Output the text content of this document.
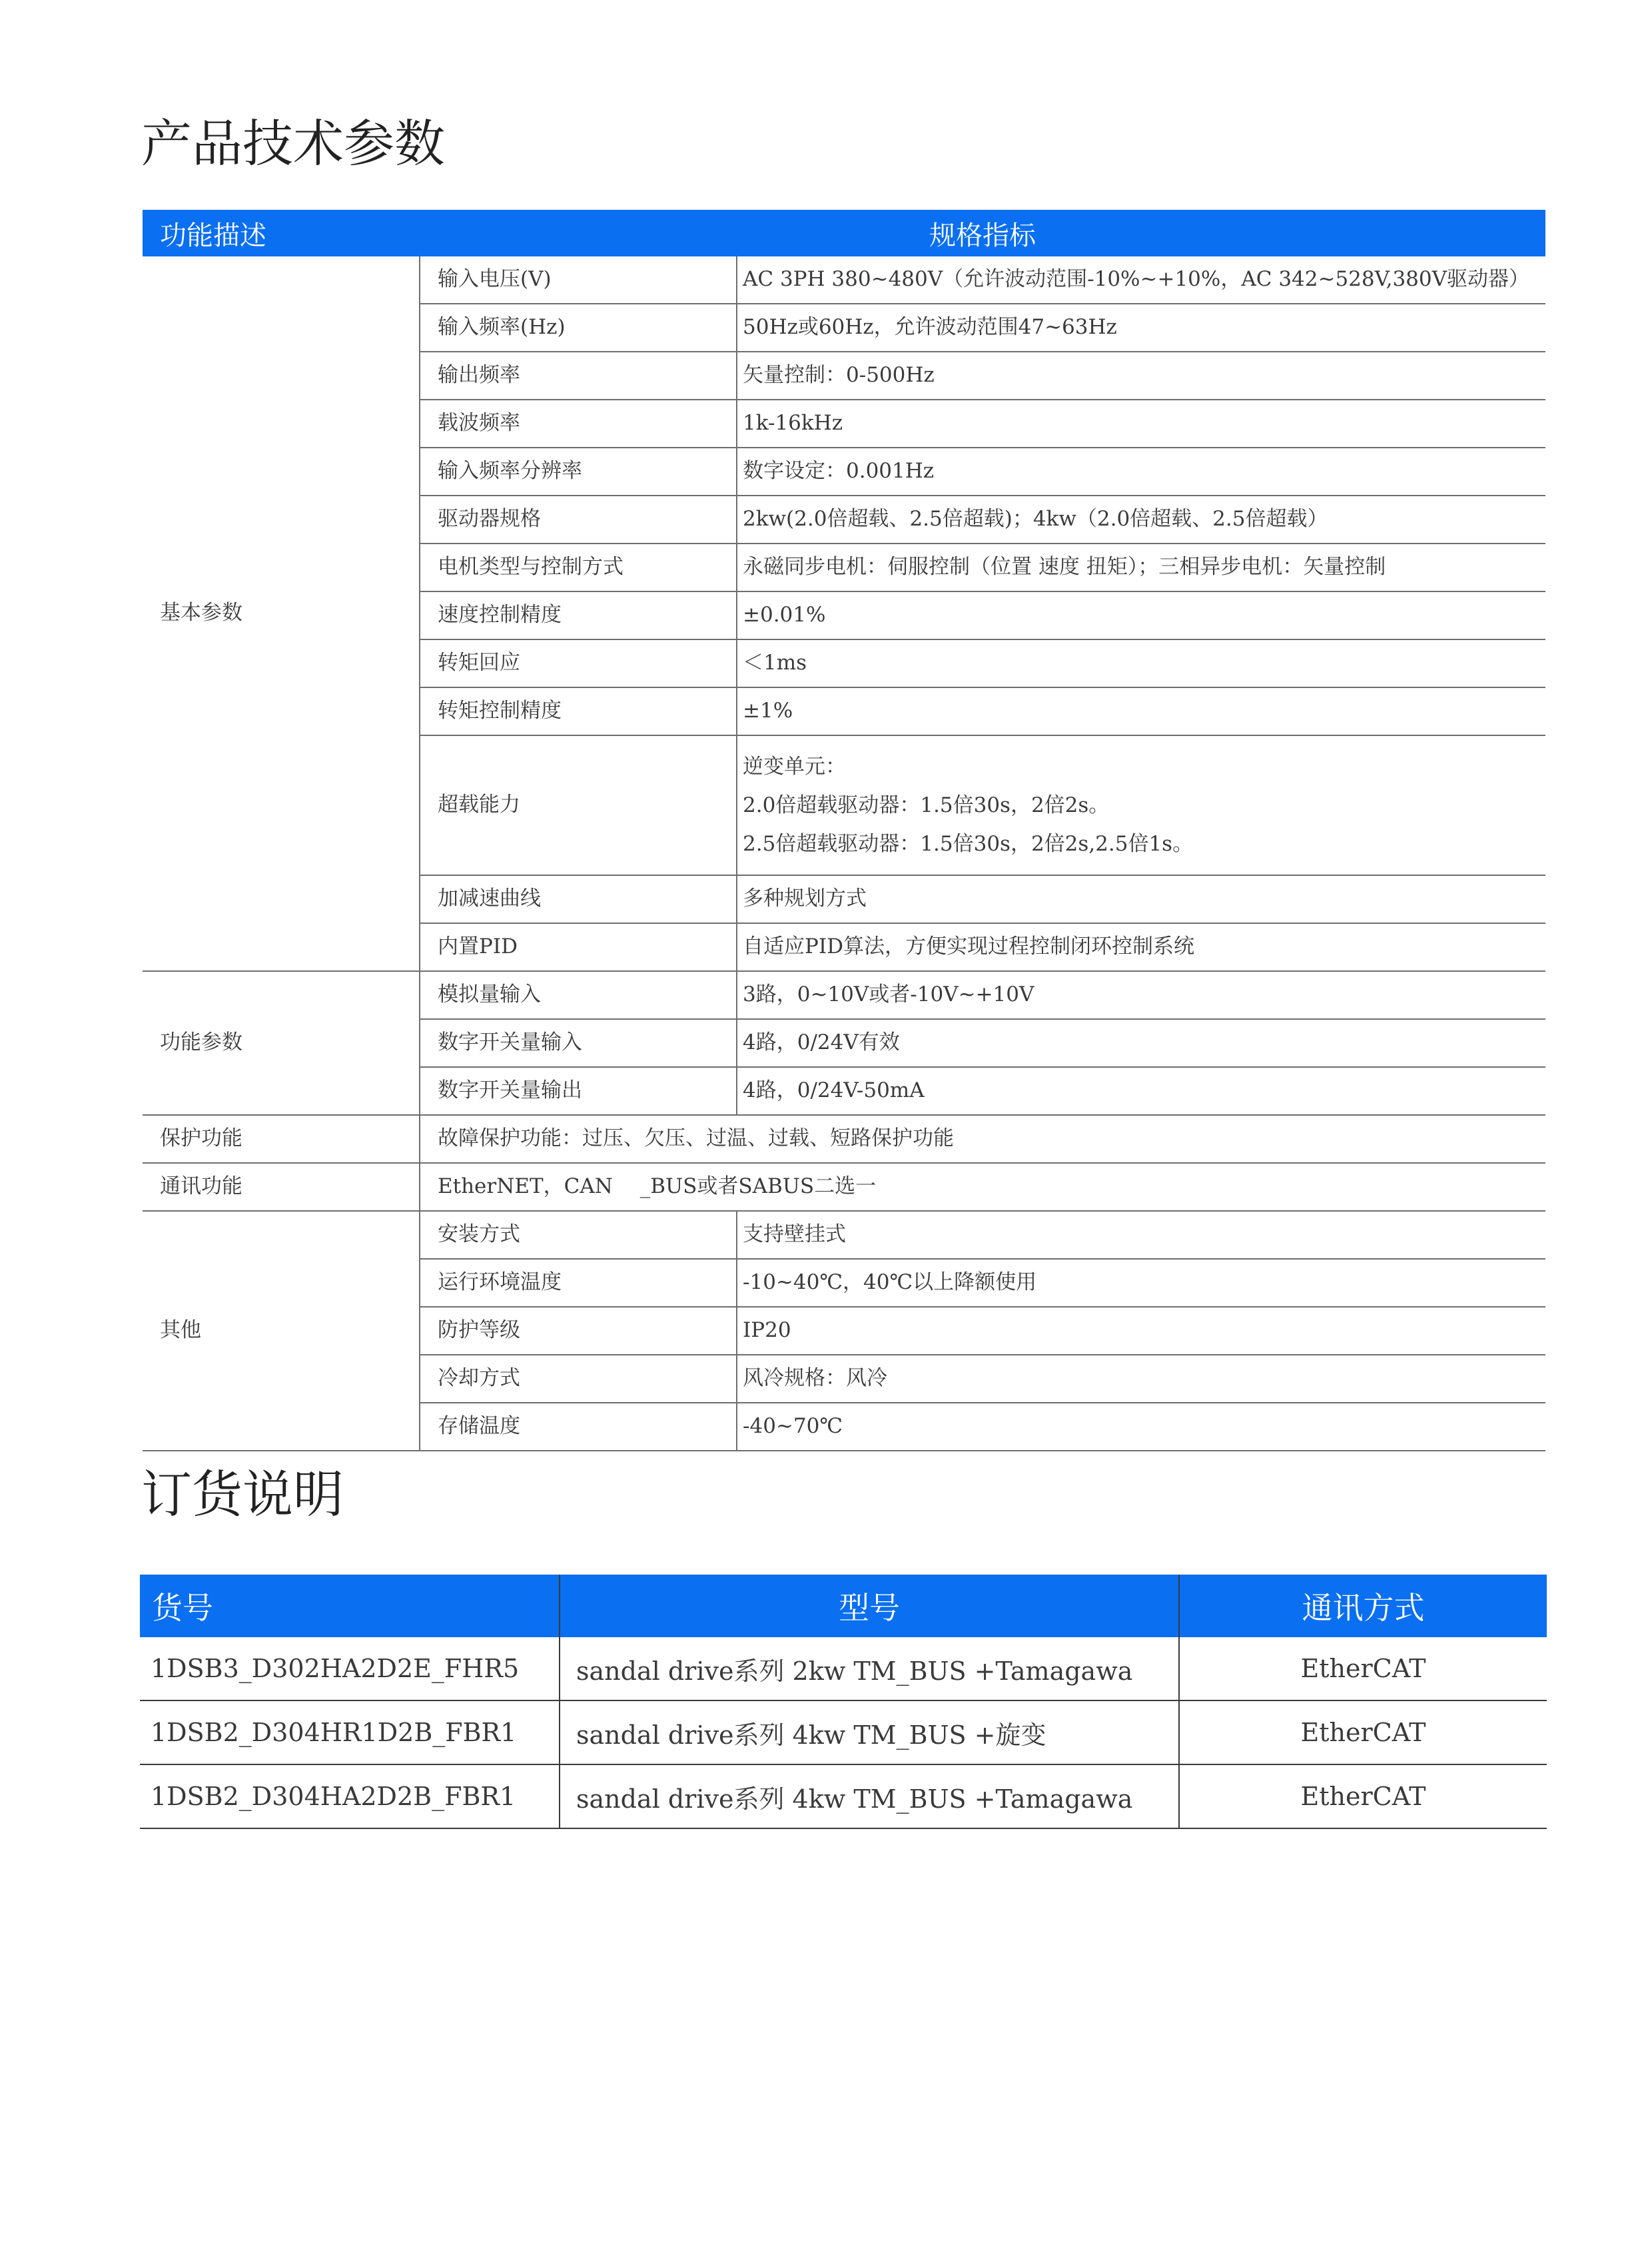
产品技术参数
功能描述	规格指标	
基本参数	输入电压(V)	AC 3PH 380~480V（允许波动范围-10%~+10%，AC 342~528V,380V驱动器）
	输入频率(Hz)	50Hz或60Hz，允许波动范围47~63Hz
	输出频率	矢量控制：0-500Hz
	载波频率	1k-16kHz
	输入频率分辨率	数字设定：0.001Hz
	驱动器规格	2kw(2.0倍超载、2.5倍超载)；4kw（2.0倍超载、2.5倍超载）
	电机类型与控制方式	永磁同步电机：伺服控制（位置 速度 扭矩）；三相异步电机：矢量控制
	速度控制精度	±0.01%
	转矩回应	＜1ms
	转矩控制精度	±1%
	超载能力	逆变单元：
2.0倍超载驱动器：1.5倍30s，2倍2s。
2.5倍超载驱动器：1.5倍30s，2倍2s,2.5倍1s。

	加减速曲线	多种规划方式
	内置PID	自适应PID算法，方便实现过程控制闭环控制系统
功能参数	模拟量输入	3路，0~10V或者-10V~+10V
	数字开关量输入	4路，0/24V有效
	数字开关量输出	4路，0/24V-50mA
保护功能	故障保护功能：过压、欠压、过温、过载、短路保护功能	
通讯功能	EtherNET，CAN　 _BUS或者SABUS二选一	
其他	安装方式	支持壁挂式
	运行环境温度	-10~40℃，40℃以上降额使用
	防护等级	IP20
	冷却方式	风冷规格：风冷
	存储温度	-40~70℃
订货说明
货号	型号	通讯方式
1DSB3_D302HA2D2E_FHR5	sandal drive系列 2kw TM_BUS +Tamagawa	EtherCAT
1DSB2_D304HR1D2B_FBR1	sandal drive系列 4kw TM_BUS +旋变	EtherCAT
1DSB2_D304HA2D2B_FBR1	sandal drive系列 4kw TM_BUS +Tamagawa	EtherCAT
